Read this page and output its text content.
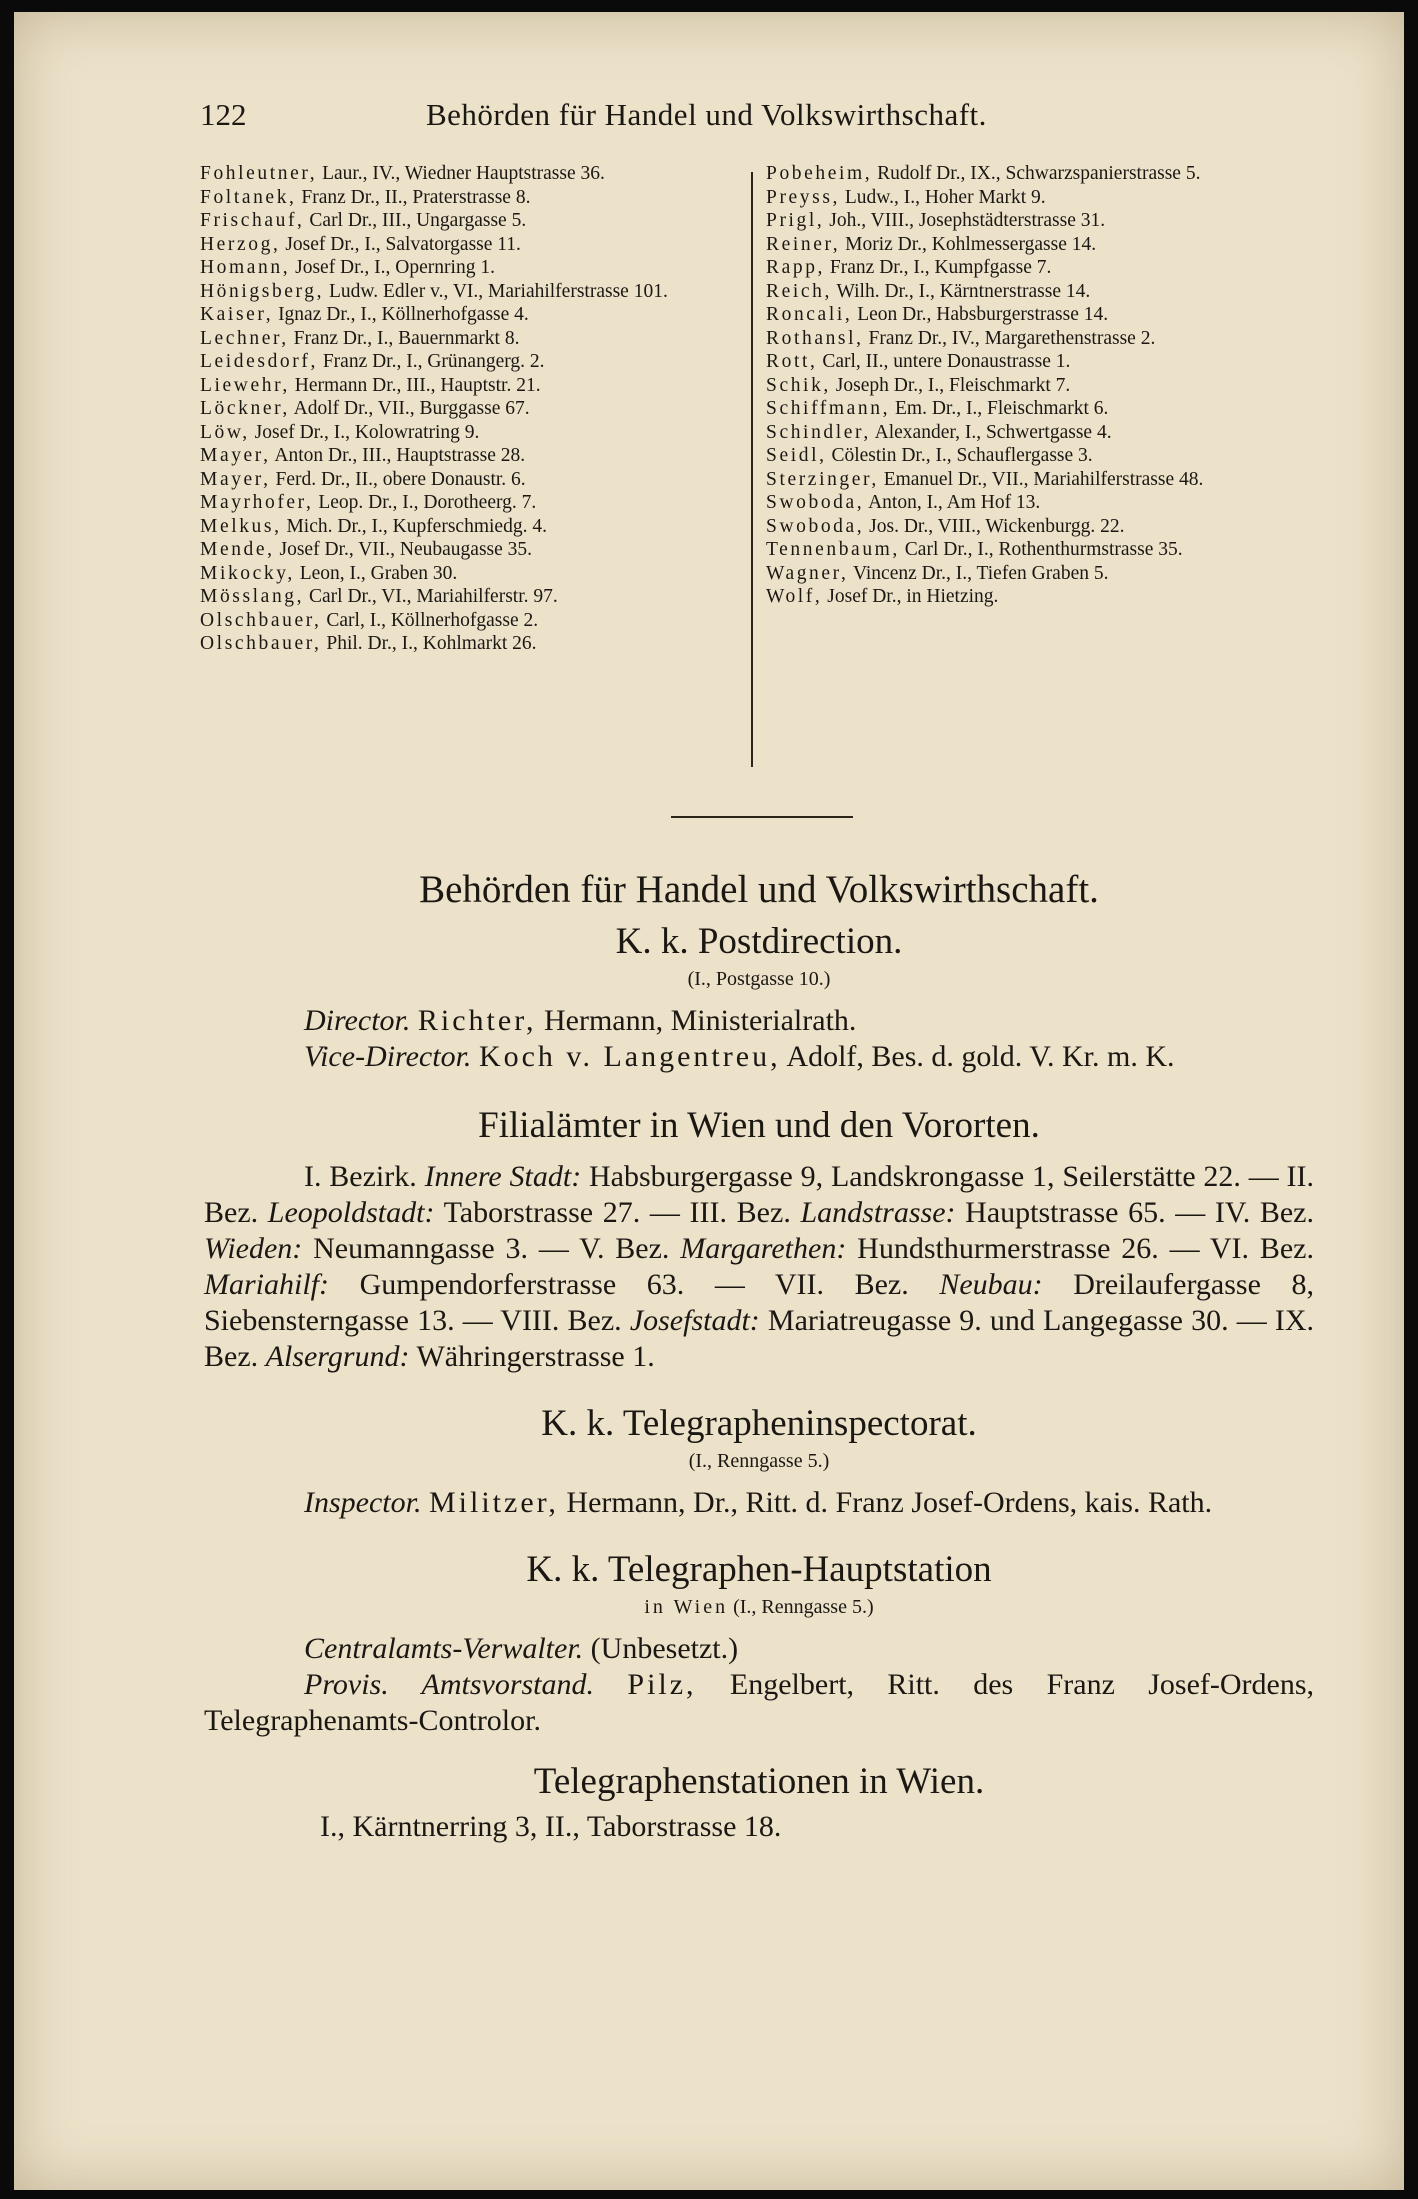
122	Behörden für Handel und Volkswirthschaft.
Fohleutner, Laur., IV., Wiedner Hauptstrasse 36.
Foltanek, Franz Dr., II., Praterstrasse 8.
Frischauf, Carl Dr., III., Ungargasse 5.
Herzog, Josef Dr., I., Salvatorgasse 11.
Homann, Josef Dr., I., Opernring 1.
Hönigsberg, Ludw. Edler v., VI., Mariahilferstrasse 101.
Kaiser, Ignaz Dr., I., Köllnerhofgasse 4.
Lechner, Franz Dr., I., Bauernmarkt 8.
Leidesdorf, Franz Dr., I., Grünangerg. 2.
Liewehr, Hermann Dr., III., Hauptstr. 21.
Löckner, Adolf Dr., VII., Burggasse 67.
Löw, Josef Dr., I., Kolowratring 9.
Mayer, Anton Dr., III., Hauptstrasse 28.
Mayer, Ferd. Dr., II., obere Donaustr. 6.
Mayrhofer, Leop. Dr., I., Dorotheerg. 7.
Melkus, Mich. Dr., I., Kupferschmiedg. 4.
Mende, Josef Dr., VII., Neubaugasse 35.
Mikocky, Leon, I., Graben 30.
Mösslang, Carl Dr., VI., Mariahilferstr. 97.
Olschbauer, Carl, I., Köllnerhofgasse 2.
Olschbauer, Phil. Dr., I., Kohlmarkt 26.
Pobeheim, Rudolf Dr., IX., Schwarzspanierstrasse 5.
Preyss, Ludw., I., Hoher Markt 9.
Prigl, Joh., VIII., Josephstädterstrasse 31.
Reiner, Moriz Dr., Kohlmessergasse 14.
Rapp, Franz Dr., I., Kumpfgasse 7.
Reich, Wilh. Dr., I., Kärntnerstrasse 14.
Roncali, Leon Dr., Habsburgerstrasse 14.
Rothansl, Franz Dr., IV., Margarethenstrasse 2.
Rott, Carl, II., untere Donaustrasse 1.
Schik, Joseph Dr., I., Fleischmarkt 7.
Schiffmann, Em. Dr., I., Fleischmarkt 6.
Schindler, Alexander, I., Schwertgasse 4.
Seidl, Cölestin Dr., I., Schauflergasse 3.
Sterzinger, Emanuel Dr., VII., Mariahilferstrasse 48.
Swoboda, Anton, I., Am Hof 13.
Swoboda, Jos. Dr., VIII., Wickenburgg. 22.
Tennenbaum, Carl Dr., I., Rothenthurmstrasse 35.
Wagner, Vincenz Dr., I., Tiefen Graben 5.
Wolf, Josef Dr., in Hietzing.
Behörden für Handel und Volkswirthschaft.
K. k. Postdirection.

(I., Postgasse 10.)

Director. Richter, Hermann, Ministerialrath.

Vice-Director. Koch v. Langentreu, Adolf, Bes. d. gold. V. Kr. m. K.

Filialämter in Wien und den Vororten.

I. Bezirk. Innere Stadt: Habsburgergasse 9, Landskrongasse 1, Seilerstätte 22. — II. Bez. Leopoldstadt: Taborstrasse 27. — III. Bez. Landstrasse: Hauptstrasse 65. — IV. Bez. Wieden: Neumanngasse 3. — V. Bez. Margarethen: Hundsthurmerstrasse 26. — VI. Bez. Mariahilf: Gumpendorferstrasse 63. — VII. Bez. Neubau: Dreilaufergasse 8, Siebensterngasse 13. — VIII. Bez. Josefstadt: Mariatreugasse 9. und Langegasse 30. — IX. Bez. Alsergrund: Währingerstrasse 1.

K. k. Telegrapheninspectorat.

(I., Renngasse 5.)

Inspector. Militzer, Hermann, Dr., Ritt. d. Franz Josef-Ordens, kais. Rath.

K. k. Telegraphen-Hauptstation

in Wien (I., Renngasse 5.)

Centralamts-Verwalter. (Unbesetzt.)

Provis. Amtsvorstand. Pilz, Engelbert, Ritt. des Franz Josef-Ordens, Telegraphenamts-Controlor.

Telegraphenstationen in Wien.

I., Kärntnerring 3, II., Taborstrasse 18.
